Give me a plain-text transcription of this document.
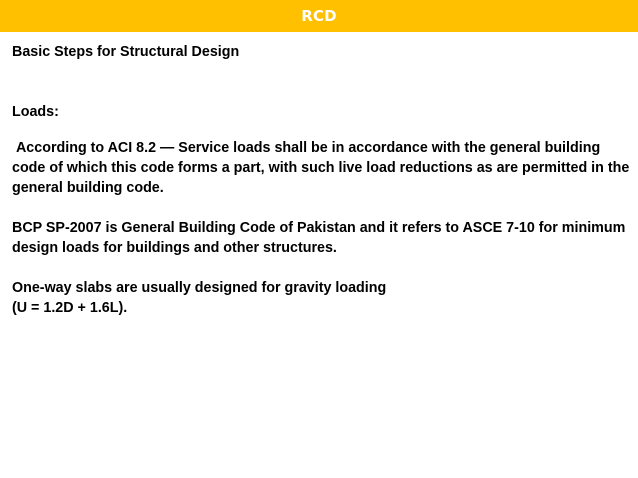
RCD

Basic Steps for Structural Design

Loads:

According to ACI 8.2 — Service loads shall be in accordance with the general building code of which this code forms a part, with such live load reductions as are permitted in the general building code.

BCP SP-2007 is General Building Code of Pakistan and it refers to ASCE 7-10 for minimum design loads for buildings and other structures.

One-way slabs are usually designed for gravity loading

(U = 1.2D + 1.6L).
